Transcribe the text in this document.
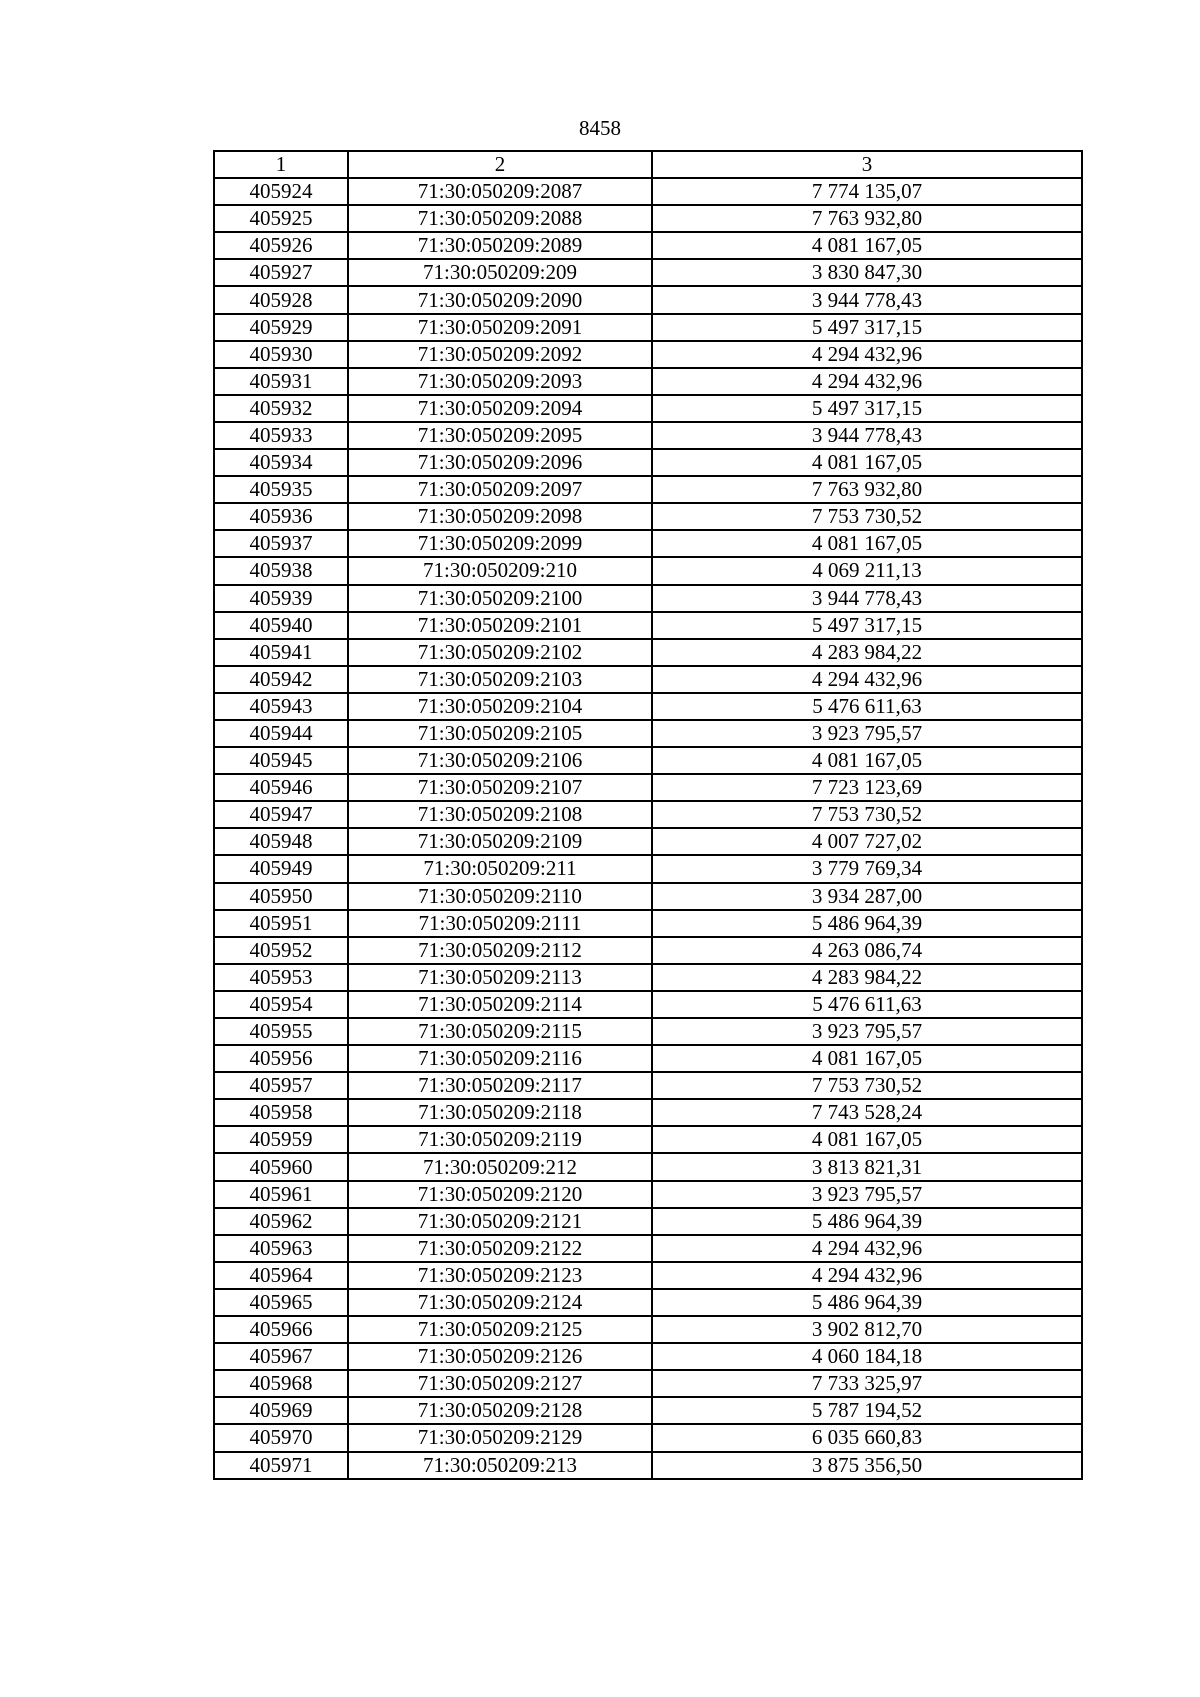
8458
1	2	3
405924	71:30:050209:2087	7 774 135,07
405925	71:30:050209:2088	7 763 932,80
405926	71:30:050209:2089	4 081 167,05
405927	71:30:050209:209	3 830 847,30
405928	71:30:050209:2090	3 944 778,43
405929	71:30:050209:2091	5 497 317,15
405930	71:30:050209:2092	4 294 432,96
405931	71:30:050209:2093	4 294 432,96
405932	71:30:050209:2094	5 497 317,15
405933	71:30:050209:2095	3 944 778,43
405934	71:30:050209:2096	4 081 167,05
405935	71:30:050209:2097	7 763 932,80
405936	71:30:050209:2098	7 753 730,52
405937	71:30:050209:2099	4 081 167,05
405938	71:30:050209:210	4 069 211,13
405939	71:30:050209:2100	3 944 778,43
405940	71:30:050209:2101	5 497 317,15
405941	71:30:050209:2102	4 283 984,22
405942	71:30:050209:2103	4 294 432,96
405943	71:30:050209:2104	5 476 611,63
405944	71:30:050209:2105	3 923 795,57
405945	71:30:050209:2106	4 081 167,05
405946	71:30:050209:2107	7 723 123,69
405947	71:30:050209:2108	7 753 730,52
405948	71:30:050209:2109	4 007 727,02
405949	71:30:050209:211	3 779 769,34
405950	71:30:050209:2110	3 934 287,00
405951	71:30:050209:2111	5 486 964,39
405952	71:30:050209:2112	4 263 086,74
405953	71:30:050209:2113	4 283 984,22
405954	71:30:050209:2114	5 476 611,63
405955	71:30:050209:2115	3 923 795,57
405956	71:30:050209:2116	4 081 167,05
405957	71:30:050209:2117	7 753 730,52
405958	71:30:050209:2118	7 743 528,24
405959	71:30:050209:2119	4 081 167,05
405960	71:30:050209:212	3 813 821,31
405961	71:30:050209:2120	3 923 795,57
405962	71:30:050209:2121	5 486 964,39
405963	71:30:050209:2122	4 294 432,96
405964	71:30:050209:2123	4 294 432,96
405965	71:30:050209:2124	5 486 964,39
405966	71:30:050209:2125	3 902 812,70
405967	71:30:050209:2126	4 060 184,18
405968	71:30:050209:2127	7 733 325,97
405969	71:30:050209:2128	5 787 194,52
405970	71:30:050209:2129	6 035 660,83
405971	71:30:050209:213	3 875 356,50
